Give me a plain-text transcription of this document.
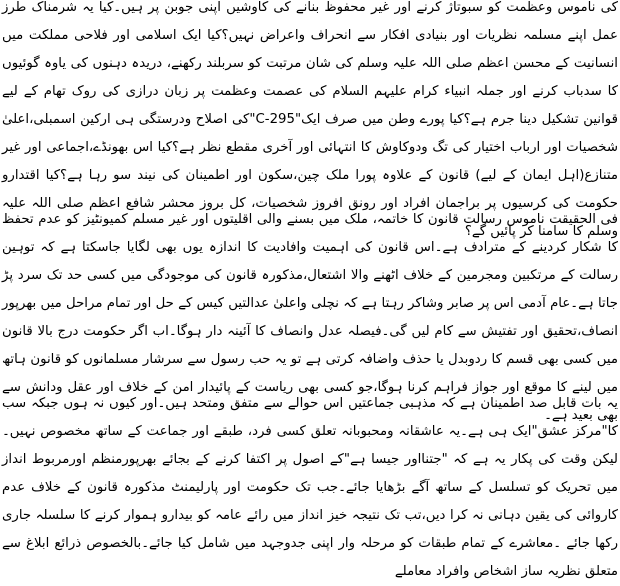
کی ناموس وعظمت کو سبوتاژ کرنے اور غیر محفوظ بنانے کی کاوشیں اپنی جوبن پر ہیں۔کیا یہ شرمناک طرز عمل اپنے مسلمہ نظریات اور بنیادی افکار سے انحراف واعراض نہیں؟کیا ایک اسلامی اور فلاحی مملکت میں انسانیت کے محسن اعظم صلی اللہ علیہ وسلم کی شان مرتبت کو سربلند رکھنے، دریدہ دہنوں کی یاوہ گوئیوں کا سدباب کرنے اور جملہ انبیاء کرام علیہم السلام کی عصمت وعظمت پر زبان درازی کی روک تھام کے لیے قوانین تشکیل دینا جرم ہے؟کیا پورے وطن میں صرف ایک"295-C"کی اصلاح ودرستگی ہی ارکین اسمبلی،اعلیٰ شخصیات اور ارباب اختیار کی تگ ودوکاوش کا انتہائی اور آخری مقطع نظر ہے؟کیا اس بھونڈے،اجماعی اور غیر متنازع(اہل ایمان کے لیے) قانون کے علاوہ پورا ملک چین،سکون اور اطمینان کی نیند سو رہا ہے؟کیا اقتدارو حکومت کی کرسیوں پر براجمان افراد اور رونق افروز شخصیات، کل بروز محشر شافع اعظم صلی اللہ علیہ وسلم کا سامنا کر پائیں گے؟

فی الحقیقت ناموس رسالت قانون کا خاتمہ، ملک میں بسنے والی اقلیتوں اور غیر مسلم کمیونٹیز کو عدم تحفظ کا شکار کردینے کے مترادف ہے۔اس قانون کی اہمیت وافادیت کا اندازہ یوں بھی لگایا جاسکتا ہے کہ توہین رسالت کے مرتکبین ومجرمین کے خلاف اٹھنے والا اشتعال،مذکورہ قانون کی موجودگی میں کسی حد تک سرد پڑ جاتا ہے۔عام آدمی اس پر صابر وشاکر رہتا ہے کہ نچلی واعلیٰ عدالتیں کیس کے حل اور تمام مراحل میں بھرپور انصاف،تحقیق اور تفتیش سے کام لیں گی۔فیصلہ عدل وانصاف کا آئینہ دار ہوگا۔اب اگر حکومت درج بالا قانون میں کسی بھی قسم کا ردوبدل یا حذف واضافہ کرتی ہے تو یہ حب رسول سے سرشار مسلمانوں کو قانون ہاتھ میں لینے کا موقع اور جواز فراہم کرنا ہوگا،جو کسی بھی ریاست کے پائیدار امن کے خلاف اور عقل ودانش سے بھی بعید ہے۔

یہ بات قابل صد اطمینان ہے کہ مذہبی جماعتیں اس حوالے سے متفق ومتحد ہیں۔اور کیوں نہ ہوں جبکہ سب کا"مرکز عشق"ایک ہی ہے۔یہ عاشقانہ ومحبوبانہ تعلق کسی فرد، طبقے اور جماعت کے ساتھ مخصوص نہیں۔لیکن وقت کی پکار یہ ہے کہ "جتنااور جیسا ہے"کے اصول پر اکتفا کرنے کے بجائے بھرپورمنظم اورمربوط انداز میں تحریک کو تسلسل کے ساتھ آگے بڑھایا جائے۔جب تک حکومت اور پارلیمنٹ مذکورہ قانون کے خلاف عدم کاروائی کی یقین دہانی نہ کرا دیں،تب تک نتیجہ خیز انداز میں رائے عامہ کو بیدارو ہموار کرنے کا سلسلہ جاری رکھا جائے ۔معاشرے کے تمام طبقات کو مرحلہ وار اپنی جدوجہد میں شامل کیا جائے۔بالخصوص ذرائع ابلاغ سے متعلق نظریہ ساز اشخاص وافراد معاملے
